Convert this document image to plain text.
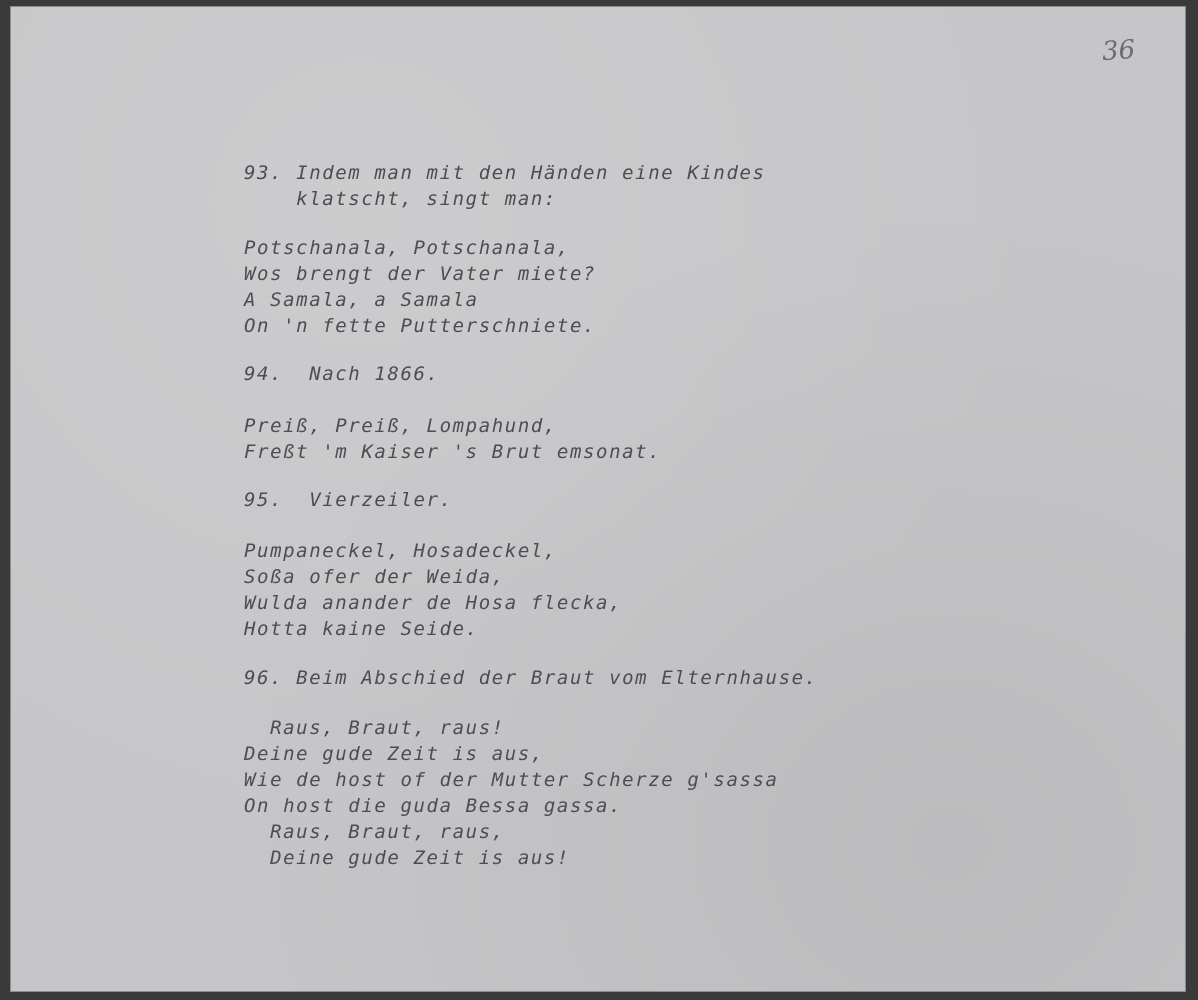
36

93. Indem man mit den Händen eine Kindes

klatscht, singt man:

Potschanala, Potschanala,

Wos brengt der Vater miete?

A Samala, a Samala

On 'n fette Putterschniete.

94.  Nach 1866.

Preiß, Preiß, Lompahund,

Freßt 'm Kaiser 's Brut emsonat.

95.  Vierzeiler.

Pumpaneckel, Hosadeckel,

Soßa ofer der Weida,

Wulda anander de Hosa flecka,

Hotta kaine Seide.

96. Beim Abschied der Braut vom Elternhause.

Raus, Braut, raus!

Deine gude Zeit is aus,

Wie de host of der Mutter Scherze g'sassa

On host die guda Bessa gassa.

Raus, Braut, raus,

Deine gude Zeit is aus!
